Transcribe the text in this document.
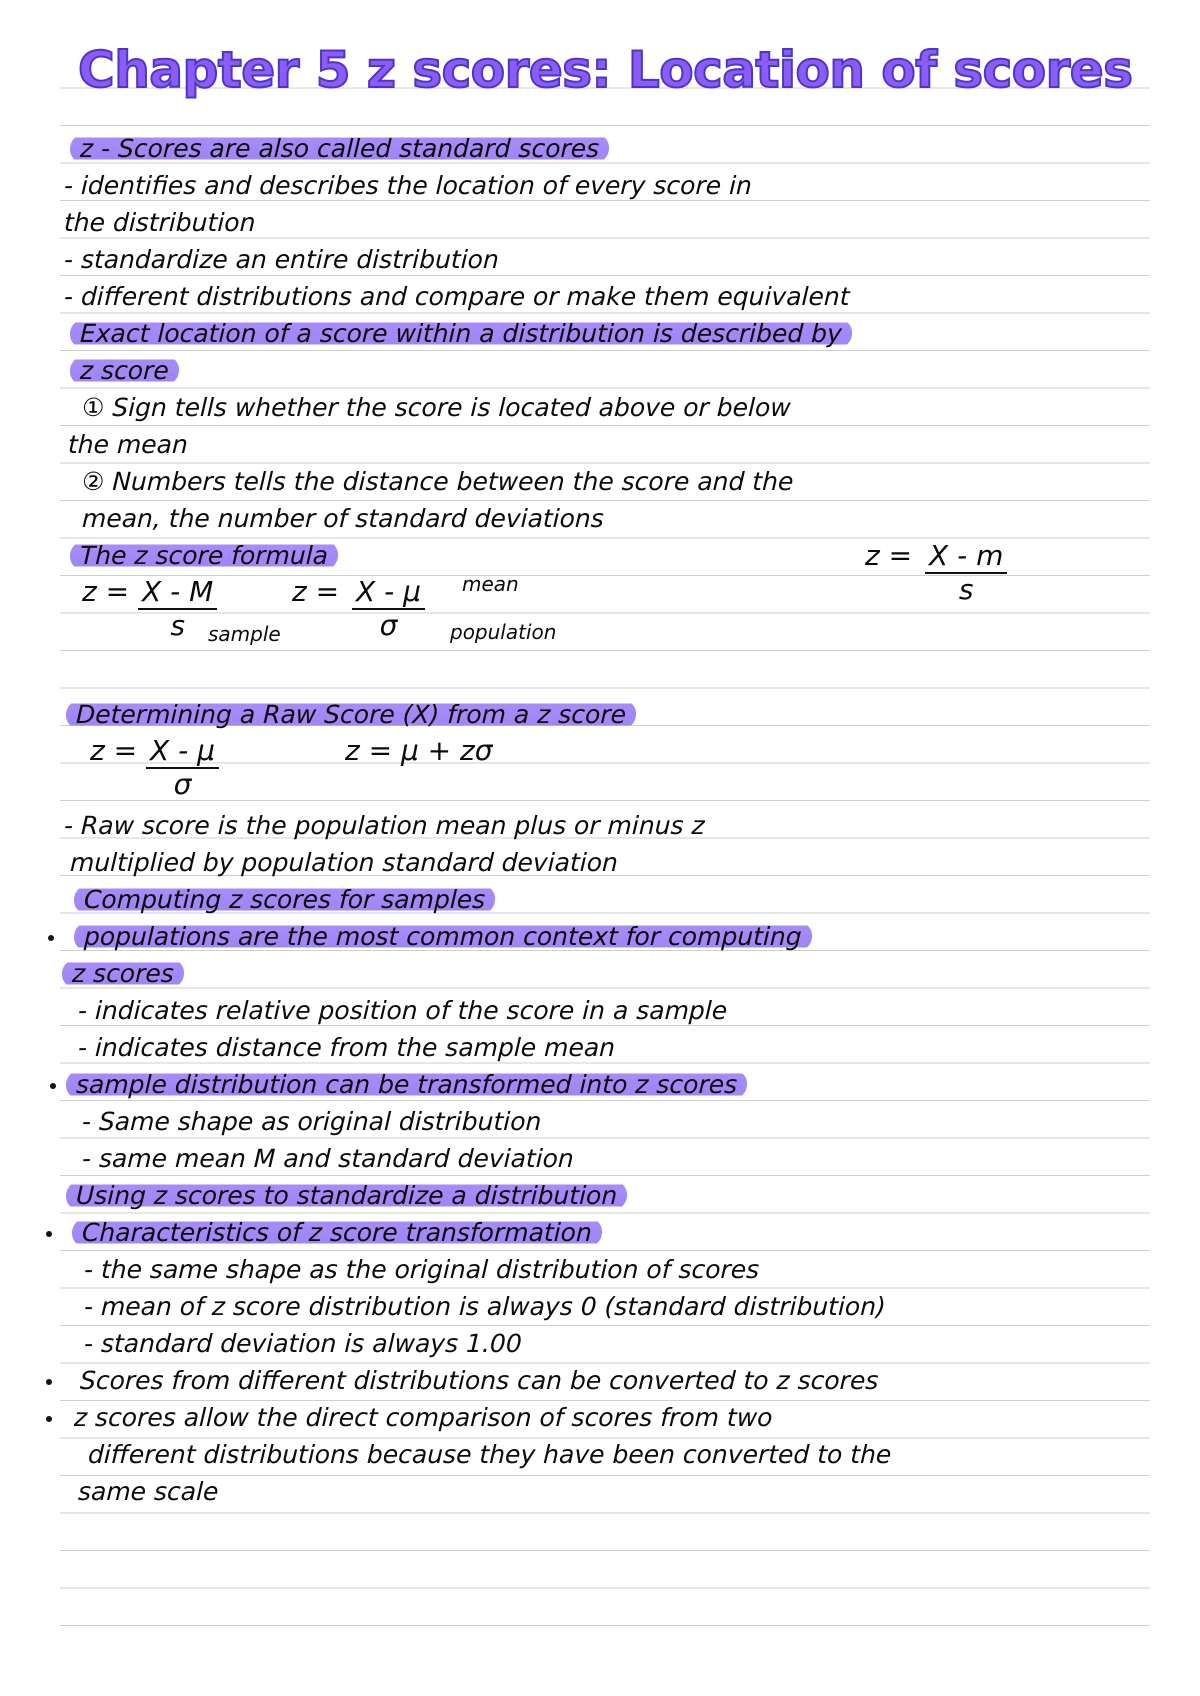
Chapter 5 z scores: Location of scores
z - Scores are also called standard scores
- identifies and describes the location of every score in
the distribution
- standardize an entire distribution
- different distributions and compare or make them equivalent
Exact location of a score within a distribution is described by
z score
① Sign tells whether the score is located above or below
the mean
② Numbers tells the distance between the score and the
mean, the number of standard deviations
The z score formula	$z = \frac{X - m}{s}$
$z = \frac{X - M}{s}$
sample
$z = \frac{X - \mu}{\sigma}$ mean
population
Determining a Raw Score (X) from a z score
$z = \frac{X - \mu}{\sigma}$	z = μ + zσ
- Raw score is the population mean plus or minus z
multiplied by population standard deviation
Computing z scores for samples
populations are the most common context for computing
z scores
- indicates relative position of the score in a sample
- indicates distance from the sample mean
sample distribution can be transformed into z scores
- Same shape as original distribution
- same mean M and standard deviation
Using z scores to standardize a distribution
Characteristics of z score transformation
- the same shape as the original distribution of scores
- mean of z score distribution is always 0 (standard distribution)
- standard deviation is always 1.00
Scores from different distributions can be converted to z scores
z scores allow the direct comparison of scores from two
different distributions because they have been converted to the
same scale
